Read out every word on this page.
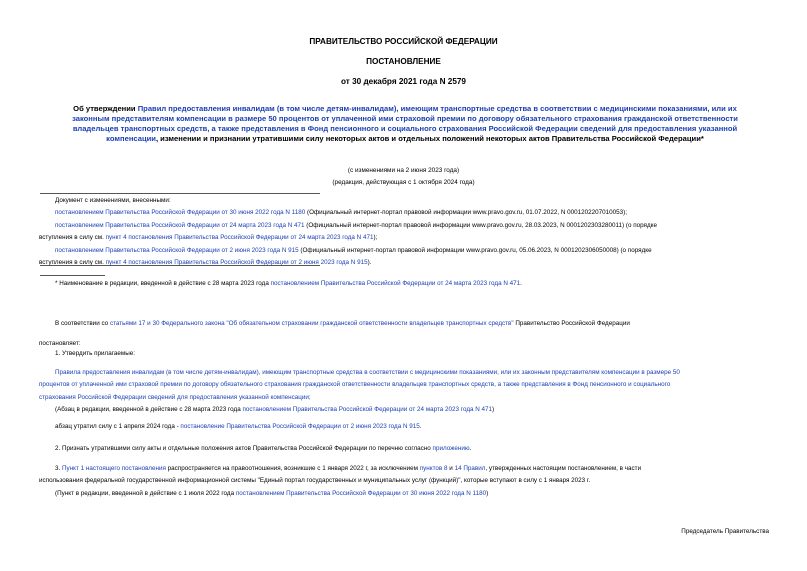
ПРАВИТЕЛЬСТВО РОССИЙСКОЙ ФЕДЕРАЦИИ
ПОСТАНОВЛЕНИЕ
от 30 декабря 2021 года N 2579
Об утверждении Правил предоставления инвалидам (в том числе детям-инвалидам), имеющим транспортные средства в соответствии с медицинскими показаниями, или их законным представителям компенсации в размере 50 процентов от уплаченной ими страховой премии по договору обязательного страхования гражданской ответственности владельцев транспортных средств, а также представления в Фонд пенсионного и социального страхования Российской Федерации сведений для предоставления указанной компенсации, изменении и признании утратившими силу некоторых актов и отдельных положений некоторых актов Правительства Российской Федерации*
(с изменениями на 2 июня 2023 года)
(редакция, действующая с 1 октября 2024 года)
Документ с изменениями, внесенными:
постановлением Правительства Российской Федерации от 30 июня 2022 года N 1180 (Официальный интернет-портал правовой информации www.pravo.gov.ru, 01.07.2022, N 0001202207010053);
постановлением Правительства Российской Федерации от 24 марта 2023 года N 471 (Официальный интернет-портал правовой информации www.pravo.gov.ru, 28.03.2023, N 0001202303280011) (о порядке
вступления в силу см. пункт 4 постановления Правительства Российской Федерации от 24 марта 2023 года N 471);
постановлением Правительства Российской Федерации от 2 июня 2023 года N 915 (Официальный интернет-портал правовой информации www.pravo.gov.ru, 05.06.2023, N 0001202306050008) (о порядке
вступления в силу см. пункт 4 постановления Правительства Российской Федерации от 2 июня 2023 года N 915).
* Наименование в редакции, введенной в действие с 28 марта 2023 года постановлением Правительства Российской Федерации от 24 марта 2023 года N 471.
В соответствии со статьями 17 и 30 Федерального закона "Об обязательном страховании гражданской ответственности владельцев транспортных средств" Правительство Российской Федерации
постановляет:
1. Утвердить прилагаемые:
Правила предоставления инвалидам (в том числе детям-инвалидам), имеющим транспортные средства в соответствии с медицинскими показаниями, или их законным представителям компенсации в размере 50
процентов от уплаченной ими страховой премии по договору обязательного страхования гражданской ответственности владельцев транспортных средств, а также представления в Фонд пенсионного и социального
страхования Российской Федерации сведений для предоставления указанной компенсации;
(Абзац в редакции, введенной в действие с 28 марта 2023 года постановлением Правительства Российской Федерации от 24 марта 2023 года N 471)
абзац утратил силу с 1 апреля 2024 года - постановление Правительства Российской Федерации от 2 июня 2023 года N 915.
2. Признать утратившими силу акты и отдельные положения актов Правительства Российской Федерации по перечню согласно приложению.
3. Пункт 1 настоящего постановления распространяется на правоотношения, возникшие с 1 января 2022 г, за исключением пунктов 8 и 14 Правил, утвержденных настоящим постановлением, в части
использования федеральной государственной информационной системы "Единый портал государственных и муниципальных услуг (функций)", которые вступают в силу с 1 января 2023 г.
(Пункт в редакции, введенной в действие с 1 июля 2022 года постановлением Правительства Российской Федерации от 30 июня 2022 года N 1180)
Председатель Правительства
